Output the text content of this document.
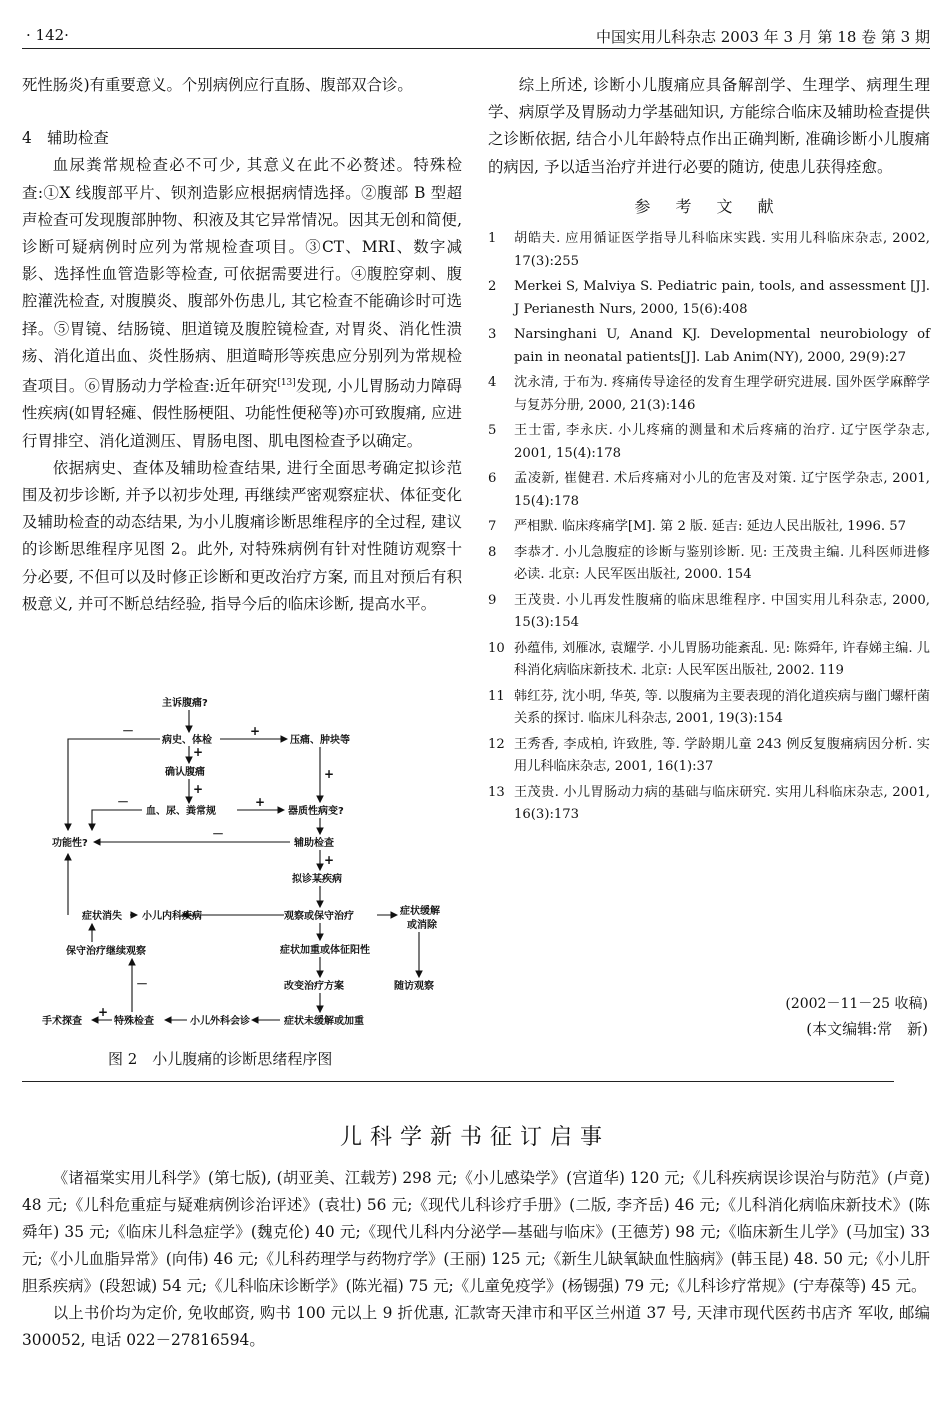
· 142·	中国实用儿科杂志 2003 年 3 月 第 18 卷 第 3 期

死性肠炎)有重要意义。个别病例应行直肠、腹部双合诊。

4　辅助检查

血尿粪常规检查必不可少, 其意义在此不必赘述。特殊检查:①X 线腹部平片、钡剂造影应根据病情选择。②腹部 B 型超声检查可发现腹部肿物、积液及其它异常情况。因其无创和简便, 诊断可疑病例时应列为常规检查项目。③CT、MRI、数字减影、选择性血管造影等检查, 可依据需要进行。④腹腔穿刺、腹腔灌洗检查, 对腹膜炎、腹部外伤患儿, 其它检查不能确诊时可选择。⑤胃镜、结肠镜、胆道镜及腹腔镜检查, 对胃炎、消化性溃疡、消化道出血、炎性肠病、胆道畸形等疾患应分别列为常规检查项目。⑥胃肠动力学检查:近年研究[13]发现, 小儿胃肠动力障碍性疾病(如胃轻瘫、假性肠梗阻、功能性便秘等)亦可致腹痛, 应进行胃排空、消化道测压、胃肠电图、肌电图检查予以确定。

依据病史、查体及辅助检查结果, 进行全面思考确定拟诊范围及初步诊断, 并予以初步处理, 再继续严密观察症状、体征变化及辅助检查的动态结果, 为小儿腹痛诊断思维程序的全过程, 建议的诊断思维程序见图 2。此外, 对特殊病例有针对性随访观察十分必要, 不但可以及时修正诊断和更改治疗方案, 而且对预后有积极意义, 并可不断总结经验, 指导今后的临床诊断, 提高水平。

主诉腹痛?
病史、体检	压痛、肿块等
确认腹痛
血、尿、粪常规	器质性病变?
功能性?	辅助检查
拟诊某疾病
观察或保守治疗	症状缓解
或消除
症状消失 小儿内科疾病
症状加重或体征阳性
保守治疗继续观察
改变治疗方案	随访观察
手术探查	特殊检查	小儿外科会诊	症状未缓解或加重
－	+
+
+
－	+
+
－
+
－
+
图 2　小儿腹痛的诊断思绪程序图

综上所述, 诊断小儿腹痛应具备解剖学、生理学、病理生理学、病原学及胃肠动力学基础知识, 方能综合临床及辅助检查提供之诊断依据, 结合小儿年龄特点作出正确判断, 准确诊断小儿腹痛的病因, 予以适当治疗并进行必要的随访, 使患儿获得痊愈。

参 考 文 献

1	胡皓夫. 应用循证医学指导儿科临床实践. 实用儿科临床杂志, 2002, 17(3):255
2	Merkei S, Malviya S. Pediatric pain, tools, and assessment [J]. J Perianesth Nurs, 2000, 15(6):408
3	Narsinghani U, Anand KJ. Developmental neurobiology of pain in neonatal patients[J]. Lab Anim(NY), 2000, 29(9):27
4	沈永清, 于布为. 疼痛传导途径的发育生理学研究进展. 国外医学麻醉学与复苏分册, 2000, 21(3):146
5	王士雷, 李永庆. 小儿疼痛的测量和术后疼痛的治疗. 辽宁医学杂志, 2001, 15(4):178
6	孟凌新, 崔健君. 术后疼痛对小儿的危害及对策. 辽宁医学杂志, 2001, 15(4):178
7	严相默. 临床疼痛学[M]. 第 2 版. 延吉: 延边人民出版社, 1996. 57
8	李恭才. 小儿急腹症的诊断与鉴别诊断. 见: 王茂贵主编. 儿科医师进修必读. 北京: 人民军医出版社, 2000. 154
9	王茂贵. 小儿再发性腹痛的临床思维程序. 中国实用儿科杂志, 2000, 15(3):154
10 孙蕴伟, 刘雁冰, 袁耀学. 小儿胃肠功能紊乱. 见: 陈舜年, 许春娣主编. 儿科消化病临床新技术. 北京: 人民军医出版社, 2002. 119
11 韩红芬, 沈小明, 华英, 等. 以腹痛为主要表现的消化道疾病与幽门螺杆菌关系的探讨. 临床儿科杂志, 2001, 19(3):154
12 王秀香, 李成柏, 许致胜, 等. 学龄期儿童 243 例反复腹痛病因分析. 实用儿科临床杂志, 2001, 16(1):37
13 王茂贵. 小儿胃肠动力病的基础与临床研究. 实用儿科临床杂志, 2001, 16(3):173
(2002－11－25 收稿)
(本文编辑:常　新)
儿科学新书征订启事

《诸福棠实用儿科学》(第七版), (胡亚美、江载芳) 298 元;《小儿感染学》(宫道华) 120 元;《儿科疾病误诊误治与防范》(卢竟) 48 元;《儿科危重症与疑难病例诊治评述》(袁壮) 56 元;《现代儿科诊疗手册》(二版, 李齐岳) 46 元;《儿科消化病临床新技术》(陈舜年) 35 元;《临床儿科急症学》(魏克伦) 40 元;《现代儿科内分泌学—基础与临床》(王德芳) 98 元;《临床新生儿学》(马加宝) 33 元;《小儿血脂异常》(向伟) 46 元;《儿科药理学与药物疗学》(王丽) 125 元;《新生儿缺氧缺血性脑病》(韩玉昆) 48. 50 元;《小儿肝胆系疾病》(段恕诚) 54 元;《儿科临床诊断学》(陈光福) 75 元;《儿童免疫学》(杨锡强) 79 元;《儿科诊疗常规》(宁寿葆等) 45 元。

以上书价均为定价, 免收邮资, 购书 100 元以上 9 折优惠, 汇款寄天津市和平区兰州道 37 号, 天津市现代医药书店齐 军收, 邮编 300052, 电话 022－27816594。
